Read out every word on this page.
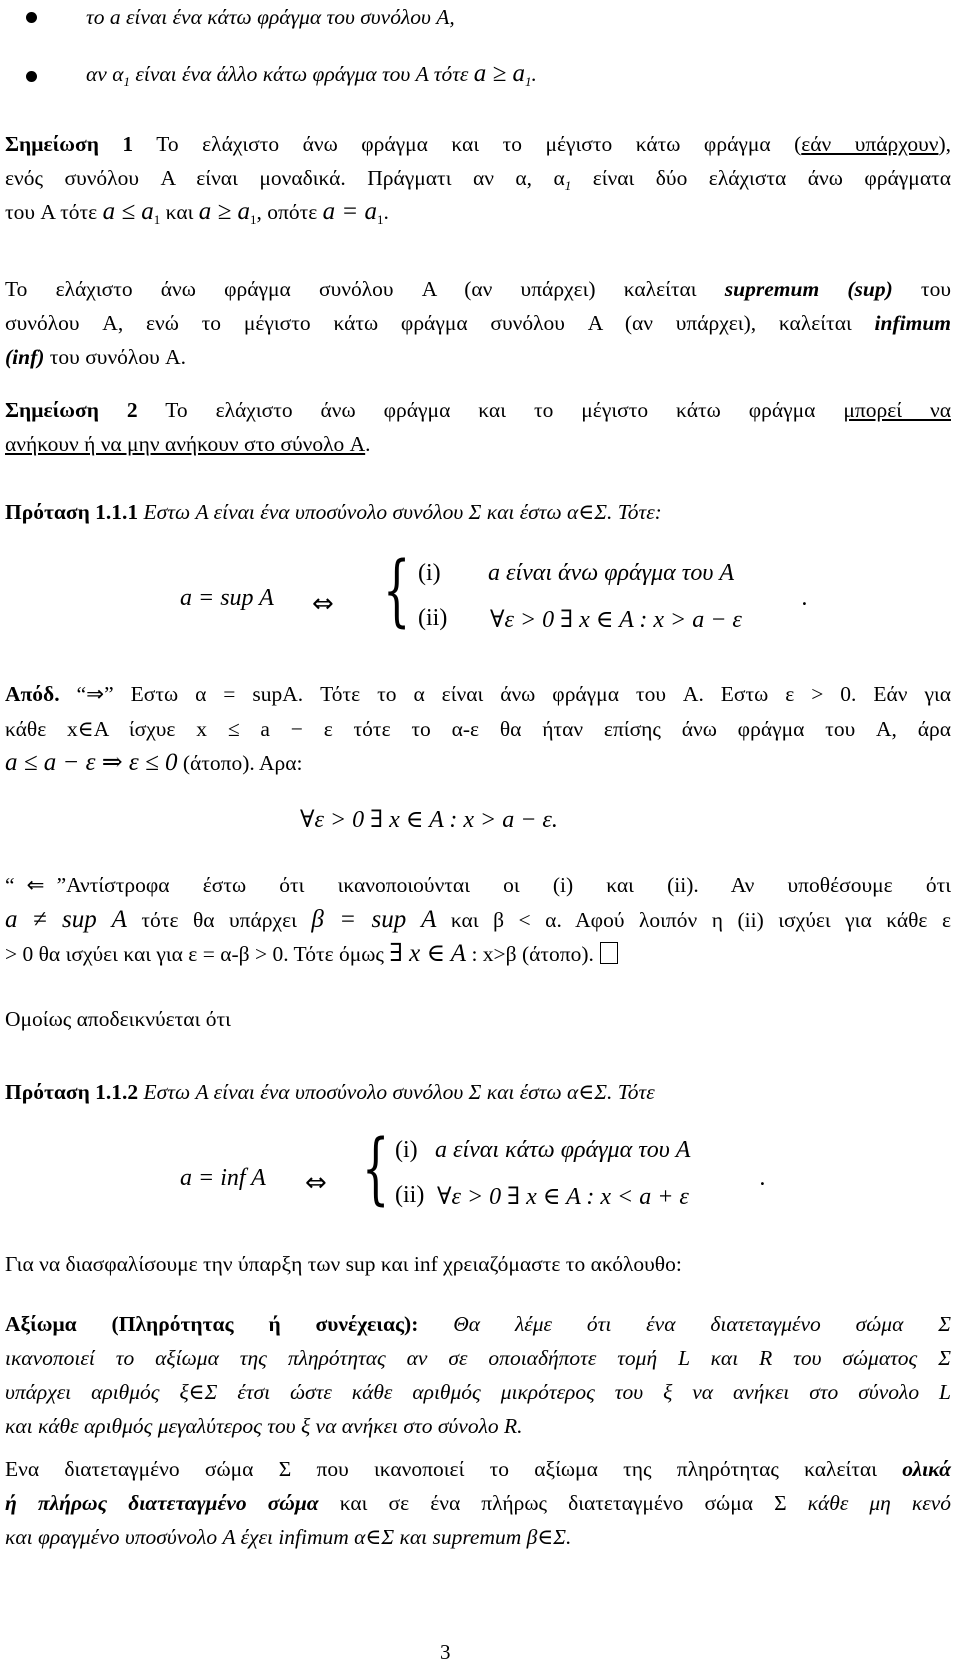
το a είναι ένα κάτω φράγμα του συνόλου A,
αν $\alpha_1$ είναι ένα άλλο κάτω φράγμα του A τότε $a \ge a_1$.
Σημείωση 1 Το ελάχιστο άνω φράγμα και το μέγιστο κάτω φράγμα (εάν υπάρχουν),
ενός συνόλου A είναι μοναδικά. Πράγματι αν α, $\alpha_1$ είναι δύο ελάχιστα άνω φράγματα
του A τότε $a \le a_1$ και $a \ge a_1$, οπότε $a = a_1$.
Το ελάχιστο άνω φράγμα συνόλου A (αν υπάρχει) καλείται supremum (sup) του
συνόλου A, ενώ το μέγιστο κάτω φράγμα συνόλου A (αν υπάρχει), καλείται infimum
(inf) του συνόλου A.
Σημείωση 2 Το ελάχιστο άνω φράγμα και το μέγιστο κάτω φράγμα μπορεί να
ανήκουν ή να μην ανήκουν στο σύνολο A.
Πρόταση 1.1.1 Εστω A είναι ένα υποσύνολο συνόλου Σ και έστω α∈Σ. Τότε:
a = sup A ⇔ { (i) a είναι άνω φράγμα του A
(ii) ∀ε > 0 ∃ x ∈ A : x > a − ε
.
Απόδ. “⇒” Εστω α = supA. Τότε το α είναι άνω φράγμα του A. Εστω ε > 0. Εάν για
κάθε x∈A ίσχυε x ≤ a − ε τότε το α-ε θα ήταν επίσης άνω φράγμα του A, άρα
a ≤ a − ε ⇒ ε ≤ 0 (άτοπο). Αρα:
∀ε > 0 ∃ x ∈ A : x > a − ε.
“ ⇐ ”Αντίστροφα έστω ότι ικανοποιούνται οι (i) και (ii). Αν υποθέσουμε ότι
a ≠ sup A τότε θα υπάρχει β = sup A και β < α. Αφού λοιπόν η (ii) ισχύει για κάθε ε
> 0 θα ισχύει και για ε = α-β > 0. Τότε όμως ∃ x ∈ A : x>β (άτοπο).
Ομοίως αποδεικνύεται ότι
Πρόταση 1.1.2 Εστω A είναι ένα υποσύνολο συνόλου Σ και έστω α∈Σ. Τότε
a = inf A ⇔ { (i) a είναι κάτω φράγμα του A
(ii) ∀ε > 0 ∃ x ∈ A : x < a + ε
.
Για να διασφαλίσουμε την ύπαρξη των sup και inf χρειαζόμαστε το ακόλουθο:
Αξίωμα (Πληρότητας ή συνέχειας): Θα λέμε ότι ένα διατεταγμένο σώμα Σ
ικανοποιεί το αξίωμα της πληρότητας αν σε οποιαδήποτε τομή L και R του σώματος Σ
υπάρχει αριθμός ξ∈Σ έτσι ώστε κάθε αριθμός μικρότερος του ξ να ανήκει στο σύνολο L
και κάθε αριθμός μεγαλύτερος του ξ να ανήκει στο σύνολο R.
Ενα διατεταγμένο σώμα Σ που ικανοποιεί το αξίωμα της πληρότητας καλείται ολικά
ή πλήρως διατεταγμένο σώμα και σε ένα πλήρως διατεταγμένο σώμα Σ κάθε μη κενό
και φραγμένο υποσύνολο A έχει infimum α∈Σ και supremum β∈Σ.
3
